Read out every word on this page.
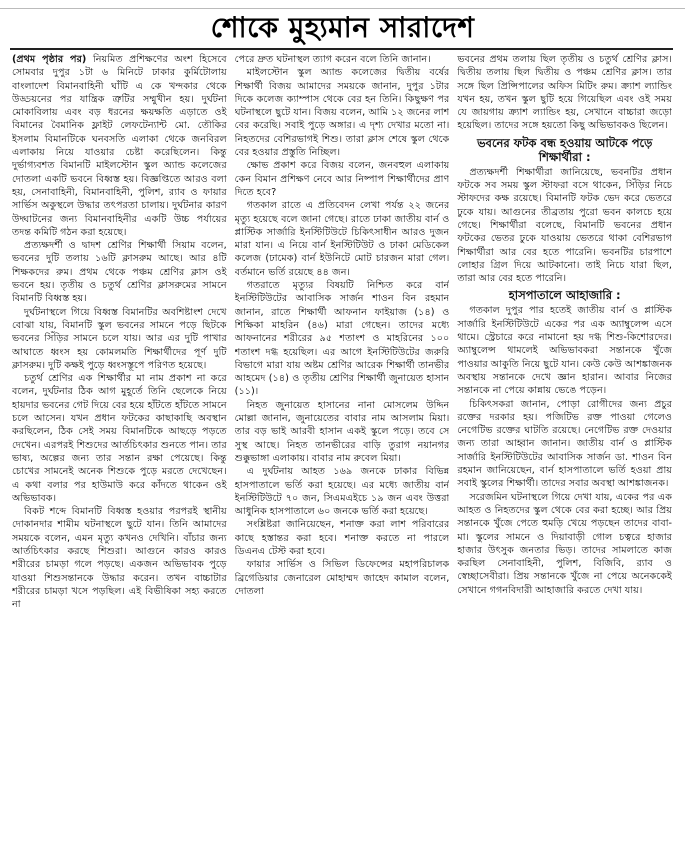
শোকে মুহ্যমান সারাদেশ

(প্রথম পৃষ্ঠার পর) নিয়মিত প্রশিক্ষণের অংশ হিসেবে সোমবার দুপুর ১টা ৬ মিনিটে ঢাকার কুর্মিটোলায় বাংলাদেশ বিমানবাহিনী ঘাঁটি এ কে খন্দকার থেকে উড্ডয়নের পর যান্ত্রিক ত্রুটির সম্মুখীন হয়। দুর্ঘটনা মোকাবিলায় এবং বড় ধরনের ক্ষয়ক্ষতি এড়াতে ওই বিমানের বৈমানিক ফ্লাইট লেফটেন্যান্ট মো. তৌকির ইসলাম বিমানটিকে ঘনবসতি এলাকা থেকে জনবিরল এলাকায় নিয়ে যাওয়ার চেষ্টা করেছিলেন। কিন্তু দুর্ভাগ্যবশত বিমানটি মাইলস্টোন স্কুল অ্যান্ড কলেজের দোতলা একটি ভবনে বিধ্বস্ত হয়। বিজ্ঞপ্তিতে আরও বলা হয়, সেনাবাহিনী, বিমানবাহিনী, পুলিশ, র‍্যাব ও ফায়ার সার্ভিস অকুস্থলে উদ্ধার তৎপরতা চালায়। দুর্ঘটনার কারণ উদ্ঘাটনের জন্য বিমানবাহিনীর একটি উচ্চ পর্যায়ের তদন্ত কমিটি গঠন করা হয়েছে।

প্রত্যক্ষদর্শী ও দ্বাদশ শ্রেণির শিক্ষার্থী সিয়াম বলেন, ভবনের দুটি তলায় ১৬টি ক্লাসরুম আছে। আর ৪টি শিক্ষকদের রুম। প্রথম থেকে পঞ্চম শ্রেণির ক্লাস ওই ভবনে হয়। তৃতীয় ও চতুর্থ শ্রেণির ক্লাসরুমের সামনে বিমানটি বিধ্বস্ত হয়।

দুর্ঘটনাস্থলে গিয়ে বিধ্বস্ত বিমানটির অবশিষ্টাংশ দেখে বোঝা যায়, বিমানটি স্কুল ভবনের সামনে পড়ে ছিটকে ভবনের সিঁড়ির সামনে চলে যায়। আর এর দুটি পাখার আঘাতে ধ্বংস হয় কোমলমতি শিক্ষার্থীদের পূর্ণ দুটি ক্লাসরুম। দুটি কক্ষই পুড়ে ধ্বংসস্তূপে পরিণত হয়েছে।

চতুর্থ শ্রেণির এক শিক্ষার্থীর মা নাম প্রকাশ না করে বলেন, দুর্ঘটনার ঠিক আগ মুহূর্তে তিনি ছেলেকে নিয়ে হায়দার ভবনের গেট দিয়ে বের হয়ে হাঁটতে হাঁটতে সামনে চলে আসেন। যখন প্রধান ফটকের কাছাকাছি অবস্থান করছিলেন, ঠিক সেই সময় বিমানটিকে আছড়ে পড়তে দেখেন। এরপরই শিশুদের আর্তচিৎকার শুনতে পান। তার ভাষ্য, অল্পের জন্য তার সন্তান রক্ষা পেয়েছে। কিন্তু চোখের সামনেই অনেক শিশুকে পুড়ে মরতে দেখেছেন। এ কথা বলার পর হাউমাউ করে কাঁদতে থাকেন ওই অভিভাবক।

বিকট শব্দে বিমানটি বিধ্বস্ত হওয়ার পরপরই স্থানীয় দোকানদার শামীম ঘটনাস্থলে ছুটে যান। তিনি আমাদের সময়কে বলেন, এমন মৃত্যু কখনও দেখিনি। বাঁচার জন্য আর্তচিৎকার করছে শিশুরা। আগুনে কারও কারও শরীরের চামড়া গলে পড়ছে। একজন অভিভাবক পুড়ে যাওয়া শিশুসন্তানকে উদ্ধার করেন। তখন বাচ্চাটার শরীরের চামড়া খসে পড়ছিল। এই বিভীষিকা সহ্য করতে না

পেরে দ্রুত ঘটনাস্থল ত্যাগ করেন বলে তিনি জানান।

মাইলস্টোন স্কুল অ্যান্ড কলেজের দ্বিতীয় বর্ষের শিক্ষার্থী বিজয় আমাদের সময়কে জানান, দুপুর ১টার দিকে কলেজ ক্যাম্পাস থেকে বের হন তিনি। কিছুক্ষণ পর ঘটনাস্থলে ছুটে যান। বিজয় বলেন, আমি ১২ জনের লাশ বের করেছি। সবাই পুড়ে অঙ্গার। এ দৃশ্য দেখার মতো না। নিহতদের বেশিরভাগই শিশু। তারা ক্লাস শেষে স্কুল থেকে বের হওয়ার প্রস্তুতি নিচ্ছিল।

ক্ষোভ প্রকাশ করে বিজয় বলেন, জনবহুল এলাকায় কেন বিমান প্রশিক্ষণ নেবে আর নিষ্পাপ শিক্ষার্থীদের প্রাণ দিতে হবে?

গতকাল রাতে এ প্রতিবেদন লেখা পর্যন্ত ২২ জনের মৃত্যু হয়েছে বলে জানা গেছে। রাতে ঢাকা জাতীয় বার্ন ও প্লাস্টিক সার্জারি ইনস্টিটিউটে চিকিৎসাধীন আরও দুজন মারা যান। এ নিয়ে বার্ন ইনস্টিটিউট ও ঢাকা মেডিকেল কলেজ (ঢামেক) বার্ন ইউনিটে মোট চারজন মারা গেল। বর্তমানে ভর্তি রয়েছে ৪৪ জন।

গতরাতে মৃত্যুর বিষয়টি নিশ্চিত করে বার্ন ইনস্টিটিউটের আবাসিক সার্জন শাওন বিন রহমান জানান, রাতে শিক্ষার্থী আফনান ফাইয়াজ (১৪) ও শিক্ষিকা মাহরিন (৪৬) মারা গেছেন। তাদের মধ্যে আফনানের শরীরের ৯৫ শতাংশ ও মাহরিনের ১০০ শতাংশ দগ্ধ হয়েছিল। এর আগে ইনস্টিটিউটের জরুরি বিভাগে মারা যায় অষ্টম শ্রেণির আরেক শিক্ষার্থী তানভীর আহমেদ (১৪) ও তৃতীয় শ্রেণির শিক্ষার্থী জুনায়েত হাসান (১১)।

নিহত জুনায়েত হাসানের নানা মোসলেম উদ্দিন মোল্লা জানান, জুনায়েতের বাবার নাম আসলাম মিয়া। তার বড় ভাই আরবী হাসান একই স্কুলে পড়ে। তবে সে সুস্থ আছে। নিহত তানভীরের বাড়ি তুরাগ নয়ানগর শুক্কুভাঙ্গা এলাকায়। বাবার নাম রুবেল মিয়া।

এ দুর্ঘটনায় আহত ১৬৯ জনকে ঢাকার বিভিন্ন হাসপাতালে ভর্তি করা হয়েছে। এর মধ্যে জাতীয় বার্ন ইনস্টিটিউটে ৭০ জন, সিএমএইচে ১৯ জন এবং উত্তরা আধুনিক হাসপাতালে ৬০ জনকে ভর্তি করা হয়েছে।

সংশ্লিষ্টরা জানিয়েছেন, শনাক্ত করা লাশ পরিবারের কাছে হস্তান্তর করা হবে। শনাক্ত করতে না পারলে ডিএনএ টেস্ট করা হবে।

ফায়ার সার্ভিস ও সিভিল ডিফেন্সের মহাপরিচালক ব্রিগেডিয়ার জেনারেল মোহাম্মদ জাহেদ কামাল বলেন, দোতলা

ভবনের প্রথম তলায় ছিল তৃতীয় ও চতুর্থ শ্রেণির ক্লাস। দ্বিতীয় তলায় ছিল দ্বিতীয় ও পঞ্চম শ্রেণির ক্লাস। তার সঙ্গে ছিল প্রিন্সিপালের অফিস মিটিং রুম। ক্র্যাশ ল্যান্ডিং যখন হয়, তখন স্কুল ছুটি হয়ে গিয়েছিল এবং ওই সময় যে জায়গায় ক্র্যাশ ল্যান্ডিং হয়, সেখানে বাচ্চারা জড়ো হয়েছিল। তাদের সঙ্গে হয়তো কিছু অভিভাবকও ছিলেন।

ভবনের ফটক বন্ধ হওয়ায় আটকে পড়ে শিক্ষার্থীরা :

প্রত্যক্ষদর্শী শিক্ষার্থীরা জানিয়েছে, ভবনটির প্রধান ফটকে সব সময় স্কুল স্টাফরা বসে থাকেন, সিঁড়ির নিচে স্টাফদের কক্ষ রয়েছে। বিমানটি ফটক ভেদ করে ভেতরে ঢুকে যায়। আগুনের তীব্রতায় পুরো ভবন কালচে হয়ে গেছে। শিক্ষার্থীরা বলেছে, বিমানটি ভবনের প্রধান ফটকের ভেতর ঢুকে যাওয়ায় ভেতরে থাকা বেশিরভাগ শিক্ষার্থীরা আর বের হতে পারেনি। ভবনটির চারপাশে লোহার গ্রিল দিয়ে আটকানো। তাই নিচে যারা ছিল, তারা আর বের হতে পারেনি।

হাসপাতালে আহাজারি :

গতকাল দুপুর পার হতেই জাতীয় বার্ন ও প্লাস্টিক সার্জারি ইনস্টিটিউটে একের পর এক অ্যাম্বুলেন্স এসে থামে। স্ট্রেচারে করে নামানো হয় দগ্ধ শিশু-কিশোরদের। অ্যাম্বুলেন্স থামলেই অভিভাবকরা সন্তানকে খুঁজে পাওয়ার আকুতি নিয়ে ছুটে যান। কেউ কেউ আশঙ্কাজনক অবস্থায় সন্তানকে দেখে জ্ঞান হারান। আবার নিজের সন্তানকে না পেয়ে কান্নায় ভেঙে পড়েন।

চিকিৎসকরা জানান, পোড়া রোগীদের জন্য প্রচুর রক্তের দরকার হয়। পজিটিভ রক্ত পাওয়া গেলেও নেগেটিভ রক্তের ঘাটতি রয়েছে। নেগেটিভ রক্ত দেওয়ার জন্য তারা আহ্বান জানান। জাতীয় বার্ন ও প্লাস্টিক সার্জারি ইনস্টিটিউটের আবাসিক সার্জন ডা. শাওন বিন রহমান জানিয়েছেন, বার্ন হাসপাতালে ভর্তি হওয়া প্রায় সবাই স্কুলের শিক্ষার্থী। তাদের সবার অবস্থা আশঙ্কাজনক।

সরেজমিন ঘটনাস্থলে গিয়ে দেখা যায়, একের পর এক আহত ও নিহতদের স্কুল থেকে বের করা হচ্ছে। আর প্রিয় সন্তানকে খুঁজে পেতে হুমড়ি খেয়ে পড়ছেন তাদের বাবা-মা। স্কুলের সামনে ও দিয়াবাড়ী গোল চত্বরে হাজার হাজার উৎসুক জনতার ভিড়। তাদের সামলাতে কাজ করছিল সেনাবাহিনী, পুলিশ, বিজিবি, র‍্যাব ও স্বেচ্ছাসেবীরা। প্রিয় সন্তানকে খুঁজে না পেয়ে অনেককেই সেখানে গগনবিদারী আহাজারি করতে দেখা যায়।
